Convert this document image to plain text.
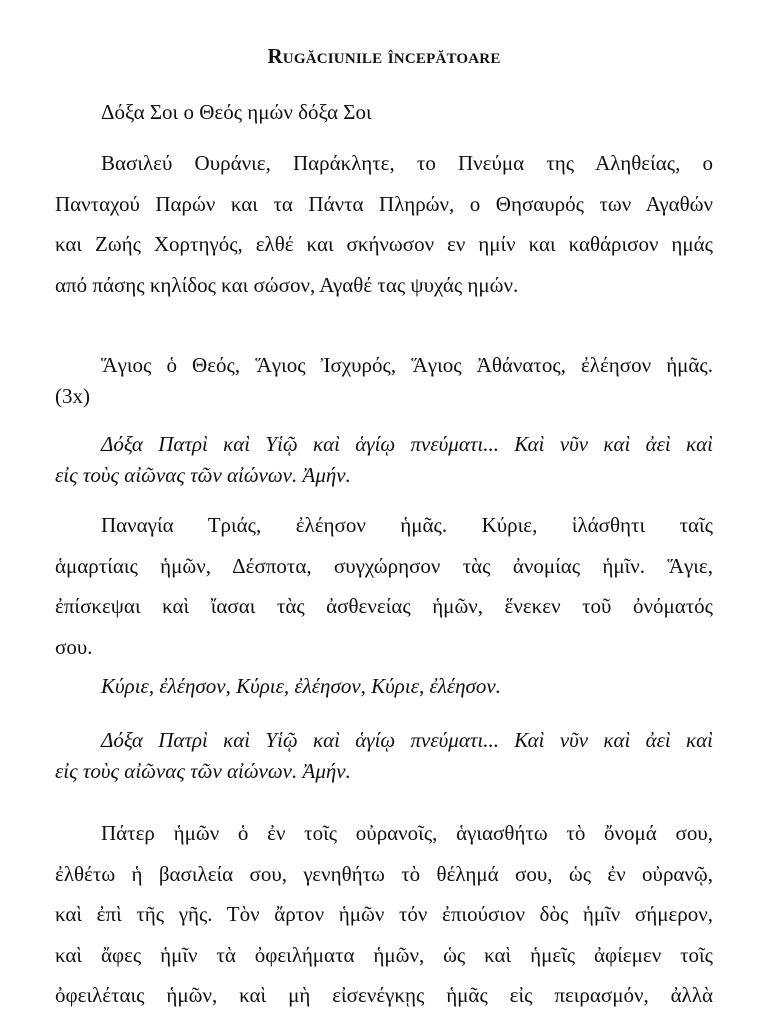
Rugăciunile începătoare
Δόξα Σοι ο Θεός ημών δόξα Σοι
Βασιλεύ Ουράνιε, Παράκλητε, το Πνεύμα της Αληθείας, ο
Πανταχού Παρών και τα Πάντα Πληρών, ο Θησαυρός των Αγαθών
και Ζωής Χορτηγός, ελθέ και σκήνωσον εν ημίν και καθάρισον ημάς
από πάσης κηλίδος και σώσον, Αγαθέ τας ψυχάς ημών.
Ἅγιος ὁ Θεός, Ἅγιος Ἰσχυρός, Ἅγιος Ἀθάνατος, ἐλέησον ἡμᾶς.
(3x)
Δόξα Πατρὶ καὶ Υἱῷ καὶ ἁγίῳ πνεύματι... Καὶ νῦν καὶ ἀεὶ καὶ
εἰς τοὺς αἰῶνας τῶν αἰώνων. Ἀμήν.
Παναγία Τριάς, ἐλέησον ἡμᾶς. Κύριε, ἱλάσθητι ταῖς
ἁμαρτίαις ἡμῶν, Δέσποτα, συγχώρησον τὰς ἀνομίας ἡμῖν. Ἅγιε,
ἐπίσκεψαι καὶ ἴασαι τὰς ἀσθενείας ἡμῶν, ἕνεκεν τοῦ ὀνόματός
σου.
Κύριε, ἐλέησον, Κύριε, ἐλέησον, Κύριε, ἐλέησον.
Δόξα Πατρὶ καὶ Υἱῷ καὶ ἁγίῳ πνεύματι... Καὶ νῦν καὶ ἀεὶ καὶ
εἰς τοὺς αἰῶνας τῶν αἰώνων. Ἀμήν.
Πάτερ ἡμῶν ὁ ἐν τοῖς οὐρανοῖς, ἁγιασθήτω τὸ ὄνομά σου,
ἐλθέτω ἡ βασιλεία σου, γενηθήτω τὸ θέλημά σου, ὡς ἐν οὐρανῷ,
καὶ ἐπὶ τῆς γῆς. Τὸν ἄρτον ἡμῶν τόν ἐπιούσιον δὸς ἡμῖν σήμερον,
καὶ ἄφες ἡμῖν τὰ ὀφειλήματα ἡμῶν, ὡς καὶ ἡμεῖς ἀφίεμεν τοῖς
ὀφειλέταις ἡμῶν, καὶ μὴ εἰσενέγκῃς ἡμᾶς εἰς πειρασμόν, ἀλλὰ
